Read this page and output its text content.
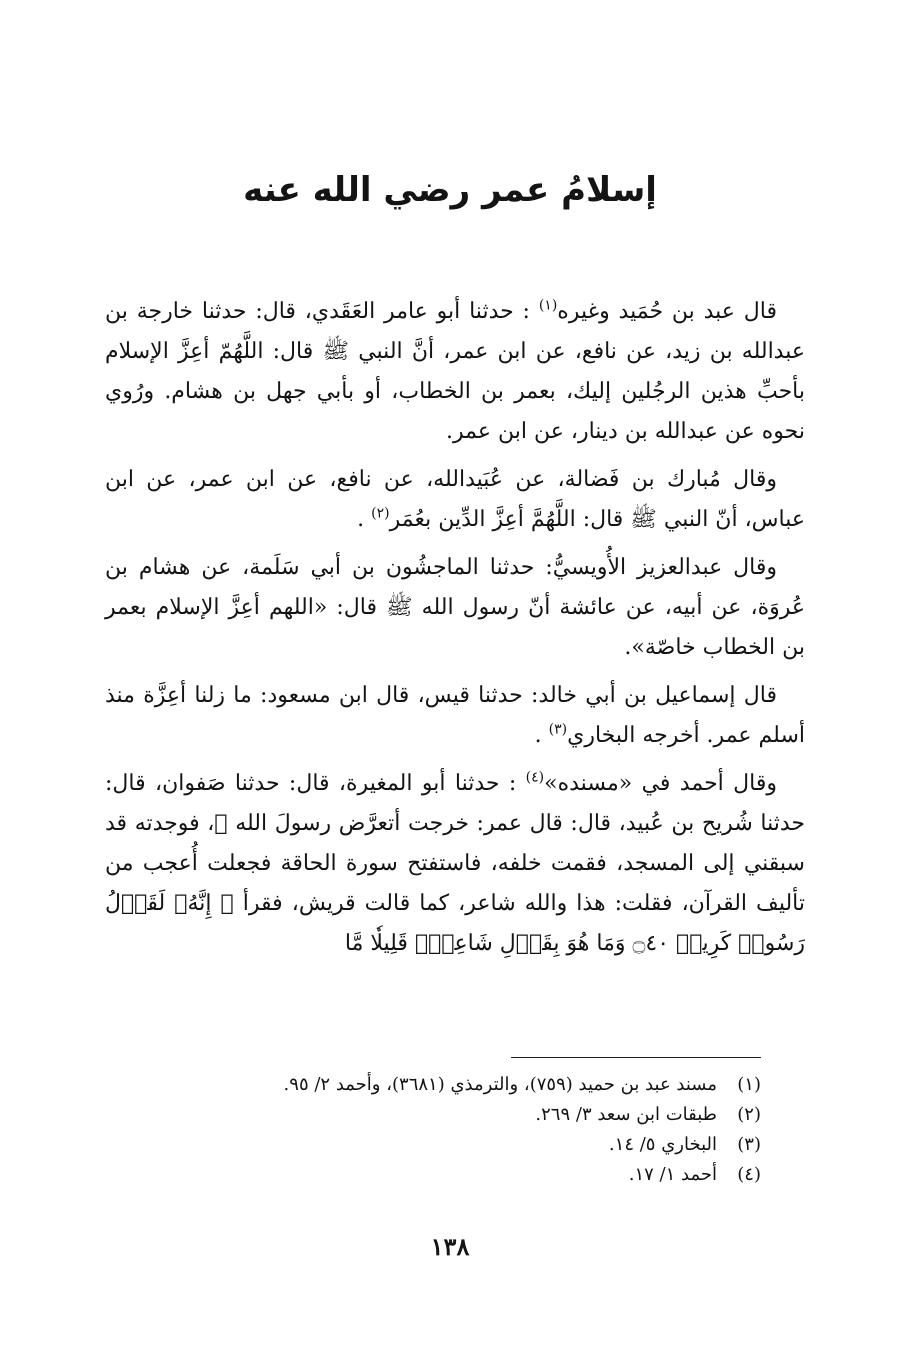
إسلامُ عمر رضي الله عنه

قال عبد بن حُمَيد وغيره$^{(١)}$ : حدثنا أبو عامر العَقَدي، قال: حدثنا خارجة بن عبدالله بن زيد، عن نافع، عن ابن عمر، أنَّ النبي ﷺ قال: اللَّهُمّ أعِزَّ الإسلام بأحبِّ هذين الرجُلين إليك، بعمر بن الخطاب، أو بأبي جهل بن هشام. ورُوي نحوه عن عبدالله بن دينار، عن ابن عمر.

وقال مُبارك بن فَضالة، عن عُبَيدالله، عن نافع، عن ابن عمر، عن ابن عباس، أنّ النبي ﷺ قال: اللَّهُمَّ أعِزَّ الدِّين بعُمَر$^{(٢)}$ .

وقال عبدالعزيز الأُويسيُّ: حدثنا الماجشُون بن أبي سَلَمة، عن هشام بن عُروَة، عن أبيه، عن عائشة أنّ رسول الله ﷺ قال: «اللهم أعِزَّ الإسلام بعمر بن الخطاب خاصّة».

قال إسماعيل بن أبي خالد: حدثنا قيس، قال ابن مسعود: ما زلنا أعِزَّة منذ أسلم عمر. أخرجه البخاري$^{(٣)}$ .

وقال أحمد في «مسنده»$^{(٤)}$ : حدثنا أبو المغيرة، قال: حدثنا صَفوان، قال: حدثنا شُريح بن عُبيد، قال: قال عمر: خرجت أتعرَّض رسولَ الله ﷺ، فوجدته قد سبقني إلى المسجد، فقمت خلفه، فاستفتح سورة الحاقة فجعلت أُعجب من تأليف القرآن، فقلت: هذا والله شاعر، كما قالت قريش، فقرأ ﴿ إِنَّهُۥ لَقَوۡلُ رَسُولٖ كَرِيمٖ ۝٤٠ وَمَا هُوَ بِقَوۡلِ شَاعِرٖۚ قَلِيلٗا مَّا

(١)مسند عبد بن حميد (٧٥٩)، والترمذي (٣٦٨١)، وأحمد ٢/ ٩٥.
(٢)طبقات ابن سعد ٣/ ٢٦٩.
(٣)البخاري ٥/ ١٤.
(٤)أحمد ١/ ١٧.
١٣٨
